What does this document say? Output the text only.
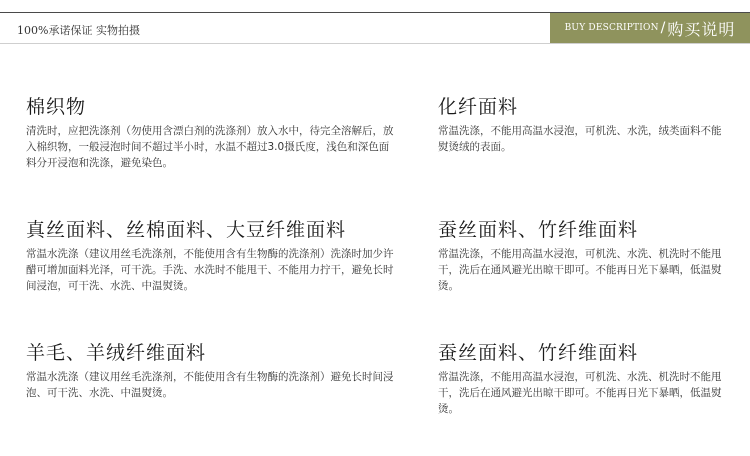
100%承诺保证 实物拍摄	BUY DESCRIPTION / 购买说明
棉织物
清洗时，应把洗涤剂（勿使用含漂白剂的洗涤剂）放入水中，待完全溶解后，放入棉织物，一般浸泡时间不超过半小时，水温不超过3.0摄氏度，浅色和深色面料分开浸泡和洗涤，避免染色。
化纤面料
常温洗涤，不能用高温水浸泡，可机洗、水洗，绒类面料不能熨烫绒的表面。
真丝面料、丝棉面料、大豆纤维面料
常温水洗涤（建议用丝毛洗涤剂，不能使用含有生物酶的洗涤剂）洗涤时加少许醋可增加面料光泽，可干洗。手洗、水洗时不能甩干、不能用力拧干，避免长时间浸泡，可干洗、水洗、中温熨烫。
蚕丝面料、竹纤维面料
常温洗涤，不能用高温水浸泡，可机洗、水洗、机洗时不能甩干，洗后在通风避光出晾干即可。不能再日光下暴晒，低温熨烫。
羊毛、羊绒纤维面料
常温水洗涤（建议用丝毛洗涤剂，不能使用含有生物酶的洗涤剂）避免长时间浸泡、可干洗、水洗、中温熨烫。
蚕丝面料、竹纤维面料
常温洗涤，不能用高温水浸泡，可机洗、水洗、机洗时不能甩干，洗后在通风避光出晾干即可。不能再日光下暴晒，低温熨烫。
